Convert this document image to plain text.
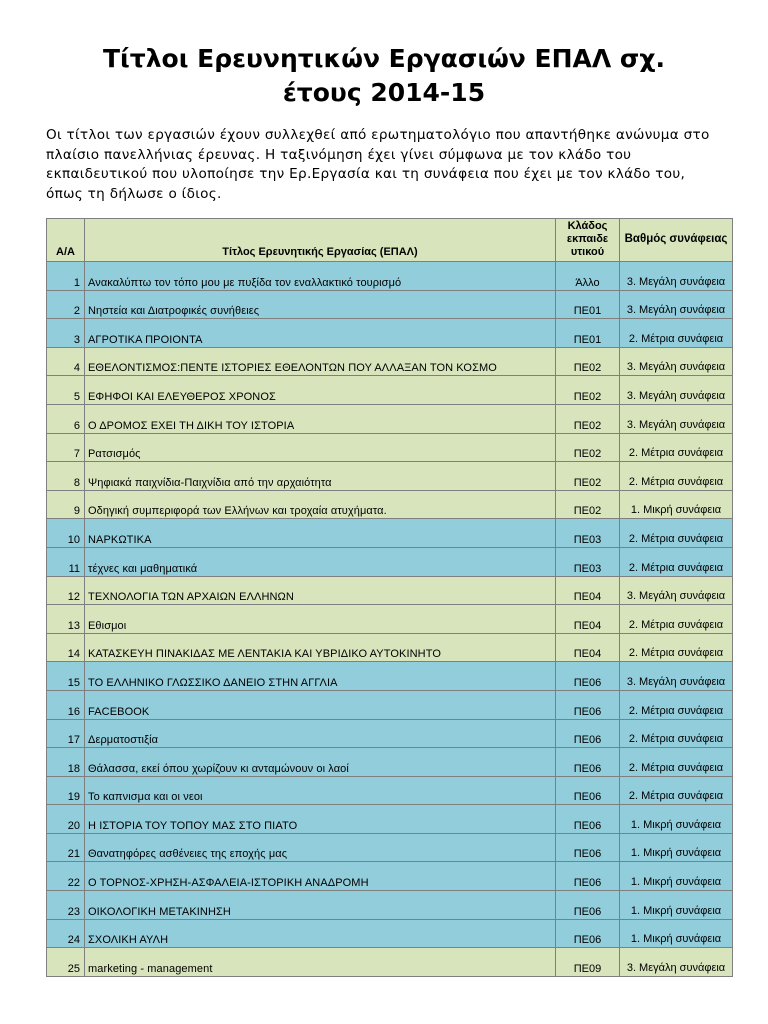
Τίτλοι Ερευνητικών Εργασιών ΕΠΑΛ σχ.
έτους 2014-15

Οι τίτλοι των εργασιών έχουν συλλεχθεί από ερωτηματολόγιο που απαντήθηκε ανώνυμα στο πλαίσιο πανελλήνιας έρευνας. Η ταξινόμηση έχει γίνει σύμφωνα με τον κλάδο του εκπαιδευτικού που υλοποίησε την Ερ.Εργασία και τη συνάφεια που έχει με τον κλάδο του, όπως τη δήλωσε ο ίδιος.

Α/Α	Τίτλος Ερευνητικής Εργασίας (ΕΠΑΛ)	Κλάδος εκπαιδε υτικού	Βαθμός συνάφειας
1	Ανακαλύπτω τον τόπο μου με πυξίδα τον εναλλακτικό τουρισμό	Άλλο	3. Μεγάλη συνάφεια
2	Νηστεία και Διατροφικές συνήθειες	ΠΕ01	3. Μεγάλη συνάφεια
3	ΑΓΡΟΤΙΚΑ ΠΡΟΙΟΝΤΑ	ΠΕ01	2. Μέτρια συνάφεια
4	ΕΘΕΛΟΝΤΙΣΜΟΣ:ΠΕΝΤΕ ΙΣΤΟΡΙΕΣ ΕΘΕΛΟΝΤΩΝ ΠΟΥ ΑΛΛΑΞΑΝ ΤΟΝ ΚΟΣΜΟ	ΠΕ02	3. Μεγάλη συνάφεια
5	ΕΦΗΦΟΙ ΚΑΙ ΕΛΕΥΘΕΡΟΣ ΧΡΟΝΟΣ	ΠΕ02	3. Μεγάλη συνάφεια
6	Ο ΔΡΟΜΟΣ ΕΧΕΙ ΤΗ ΔΙΚΗ ΤΟΥ ΙΣΤΟΡΙΑ	ΠΕ02	3. Μεγάλη συνάφεια
7	Ρατσισμός	ΠΕ02	2. Μέτρια συνάφεια
8	Ψηφιακά παιχνίδια-Παιχνίδια από την αρχαιότητα	ΠΕ02	2. Μέτρια συνάφεια
9	Οδηγική συμπεριφορά των Ελλήνων και τροχαία ατυχήματα.	ΠΕ02	1. Μικρή συνάφεια
10	ΝΑΡΚΩΤΙΚΑ	ΠΕ03	2. Μέτρια συνάφεια
11	τέχνες και μαθηματικά	ΠΕ03	2. Μέτρια συνάφεια
12	ΤΕΧΝΟΛΟΓΙΑ ΤΩΝ ΑΡΧΑΙΩΝ ΕΛΛΗΝΩΝ	ΠΕ04	3. Μεγάλη συνάφεια
13	Εθισμοι	ΠΕ04	2. Μέτρια συνάφεια
14	ΚΑΤΑΣΚΕΥΗ ΠΙΝΑΚΙΔΑΣ ΜΕ ΛΕΝΤΑΚΙΑ ΚΑΙ ΥΒΡΙΔΙΚΟ ΑΥΤΟΚΙΝΗΤΟ	ΠΕ04	2. Μέτρια συνάφεια
15	ΤΟ ΕΛΛΗΝΙΚΟ ΓΛΩΣΣΙΚΟ ΔΑΝΕΙΟ ΣΤΗΝ ΑΓΓΛΙΑ	ΠΕ06	3. Μεγάλη συνάφεια
16	FACEBOOK	ΠΕ06	2. Μέτρια συνάφεια
17	Δερματοστιξία	ΠΕ06	2. Μέτρια συνάφεια
18	Θάλασσα, εκεί όπου χωρίζουν κι ανταμώνουν οι λαοί	ΠΕ06	2. Μέτρια συνάφεια
19	Το καπνισμα και οι νεοι	ΠΕ06	2. Μέτρια συνάφεια
20	Η ΙΣΤΟΡΙΑ ΤΟΥ ΤΟΠΟΥ ΜΑΣ ΣΤΟ ΠΙΑΤΟ	ΠΕ06	1. Μικρή συνάφεια
21	Θανατηφόρες ασθένειες της εποχής μας	ΠΕ06	1. Μικρή συνάφεια
22	Ο ΤΟΡΝΟΣ-ΧΡΗΣΗ-ΑΣΦΑΛΕΙΑ-ΙΣΤΟΡΙΚΗ ΑΝΑΔΡΟΜΗ	ΠΕ06	1. Μικρή συνάφεια
23	ΟΙΚΟΛΟΓΙΚΗ ΜΕΤΑΚΙΝΗΣΗ	ΠΕ06	1. Μικρή συνάφεια
24	ΣΧΟΛΙΚΗ ΑΥΛΗ	ΠΕ06	1. Μικρή συνάφεια
25	marketing - management	ΠΕ09	3. Μεγάλη συνάφεια
